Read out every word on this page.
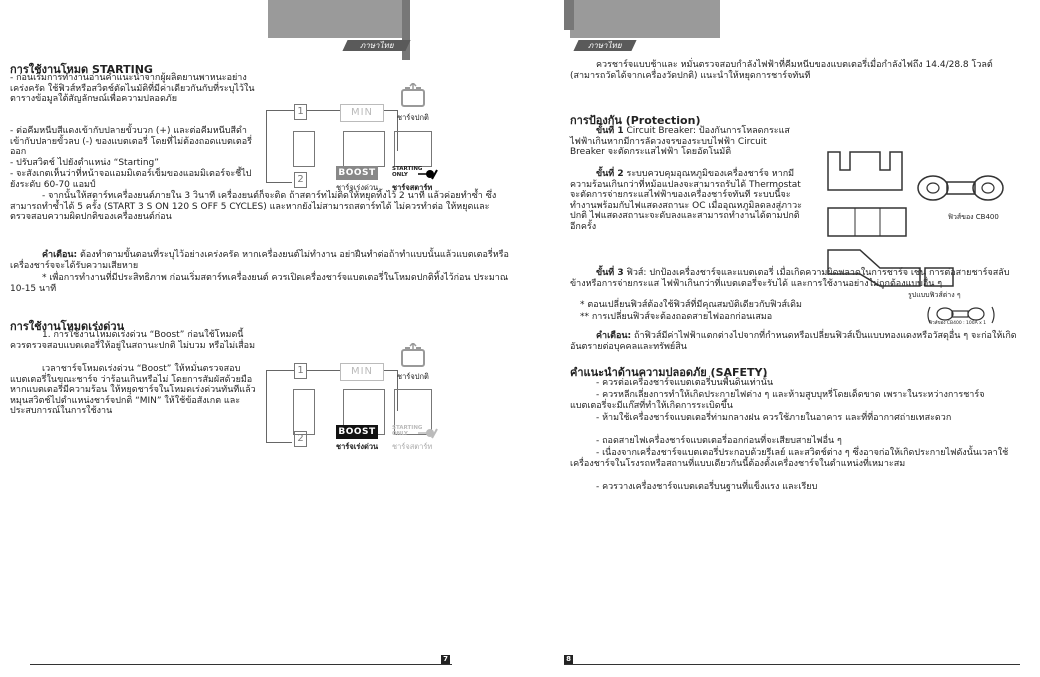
ภาษาไทย
การใช้งานโหมด STARTING

- ก่อนเริ่มการทำงานอ่านคำแนะนำจากผู้ผลิตยานพาหนะอย่างเคร่งครัด ใช้ฟิวส์หรือสวิตช์ตัดไนมัติที่มีค่าเดียวกันกับที่ระบุไว้ในตารางข้อมูลใต้สัญลักษณ์เพื่อความปลอดภัย

- ต่อคีมหนีบสีแดงเข้ากับปลายขั้วบวก (+) และต่อคีมหนีบสีดำเข้ากับปลายขั้วลบ (-) ของแบตเตอรี่ โดยที่ไม่ต้องถอดแบตเตอรี่ออก

- ปรับสวิตช์ ไปยังตำแหน่ง “Starting”

- จะสังเกตเห็นว่าที่หน้าจอแอมมิเตอร์เข็มของแอมมิเตอร์จะชี้ไปยังระดับ 60-70 แอมป์

- จากนั้นให้สตาร์ทเครื่องยนต์ภายใน 3 วินาที เครื่องยนต์ก็จะติด ถ้าสตาร์ทไม่ติดให้หยุดทิ้งไว้ 2 นาที แล้วค่อยทำซ้ำ ซึ่งสามารถทำซ้ำได้ 5 ครั้ง (START 3 S ON 120 S OFF 5 CYCLES) และหากยังไม่สามารถสตาร์ทได้ ไม่ควรทำต่อ ให้หยุดและตรวจสอบความผิดปกติของเครื่องยนต์ก่อน

คำเตือน: ต้องทำตามขั้นตอนที่ระบุไว้อย่างเคร่งครัด หากเครื่องยนต์ไม่ทำงาน อย่าฝืนทำต่อถ้าทำแบบนั้นแล้วแบตเตอรี่หรือเครื่องชาร์จจะได้รับความเสียหาย

* เพื่อการทำงานที่มีประสิทธิภาพ ก่อนเริ่มสตาร์ทเครื่องยนต์ ควรเปิดเครื่องชาร์จแบตเตอรี่ในโหมดปกติทิ้งไว้ก่อน ประมาณ 10-15 นาที

การใช้งานโหมดเร่งด่วน

1. การใช้งานโหมดเร่งด่วน “Boost” ก่อนใช้โหมดนี้ ควรตรวจสอบแบตเตอรี่ให้อยู่ในสถานะปกติ ไม่บวม หรือไม่เสื่อม

เวลาชาร์จโหมดเร่งด่วน “Boost” ให้หมั่นตรวจสอบแบตเตอรี่ในขณะชาร์จ ว่าร้อนเกินหรือไม่ โดยการสัมผัสด้วยมือ หากแบตเตอรี่มีความร้อน ให้หยุดชาร์จในโหมดเร่งด่วนทันทีแล้วหมุนสวิตช์ไปตำแหน่งชาร์จปกติ “MIN” ให้ใช้ข้อสังเกต และประสบการณ์ในการใช้งาน

1
2
MIN	ชาร์จปกติ
BOOST
ชาร์จเร่งด่วน
STARTING
ONLY
ชาร์จสตาร์ท
1
2
MIN	ชาร์จปกติ
BOOST
ชาร์จเร่งด่วน
STARTING
ONLY
ชาร์จสตาร์ท
7
ภาษาไทย

ควรชาร์จแบบช้าและ หมั่นตรวจสอบกำลังไฟฟ้าที่คีมหนีบของแบตเตอรี่เมื่อกำลังไฟถึง 14.4/28.8 โวลต์ (สามารถวัดได้จากเครื่องวัดปกติ) แนะนำให้หยุดการชาร์จทันที

การป้องกัน (Protection)

ขั้นที่ 1 Circuit Breaker: ป้องกันการโหลดกระแสไฟฟ้าเกินหากมีการลัดวงจรของระบบไฟฟ้า Circuit Breaker จะตัดกระแสไฟฟ้า โดยอัตโนมัติ

ขั้นที่ 2 ระบบควบคุมอุณหภูมิของเครื่องชาร์จ หากมีความร้อนเกินกว่าที่หม้อแปลงจะสามารถรับได้ Thermostat จะตัดการจ่ายกระแสไฟฟ้าของเครื่องชาร์จทันที ระบบนี้จะทำงานพร้อมกับไฟแสดงสถานะ OC เมื่ออุณหภูมิลดลงสู่ภาวะปกติ ไฟแสดงสถานะจะดับลงและสามารถทำงานได้ตามปกติอีกครั้ง

ขั้นที่ 3 ฟิวส์: ปกป้องเครื่องชาร์จและแบตเตอรี่ เมื่อเกิดความผิดพลาดในการชาร์จ เช่น การต่อสายชาร์จสลับข้างหรือการจ่ายกระแส ไฟฟ้าเกินกว่าที่แบตเตอรี่จะรับได้ และการใช้งานอย่างไม่ถูกต้องแบบอื่น ๆ

* ตอนเปลี่ยนฟิวส์ต้องใช้ฟิวส์ที่มีคุณสมบัติเดียวกับฟิวส์เดิม

** การเปลี่ยนฟิวส์จะต้องถอดสายไฟออกก่อนเสมอ

ฟิวส์ของ CB400
รูปแบบฟิวส์ต่าง ๆ
ฟิวส์ของ CB400 : 100A x 1

คำเตือน: ถ้าฟิวส์มีค่าไฟฟ้าแตกต่างไปจากที่กำหนดหรือเปลี่ยนฟิวส์เป็นแบบทองแดงหรือวัสดุอื่น ๆ จะก่อให้เกิดอันตรายต่อบุคคลและทรัพย์สิน

คำแนะนำด้านความปลอดภัย (SAFETY)

- ควรต่อเครื่องชาร์จแบตเตอรี่บนพื้นดินเท่านั้น

- ควรหลีกเลี่ยงการทำให้เกิดประกายไฟต่าง ๆ และห้ามสูบบุหรี่โดยเด็ดขาด เพราะในระหว่างการชาร์จแบตเตอรี่จะมีแก๊สที่ทำให้เกิดการระเบิดขึ้น

- ห้ามใช้เครื่องชาร์จแบตเตอรี่ท่ามกลางฝน ควรใช้ภายในอาคาร และที่ที่อากาศถ่ายเทสะดวก

- ถอดสายไฟเครื่องชาร์จแบตเตอรี่ออกก่อนที่จะเสียบสายไฟอื่น ๆ

- เนื่องจากเครื่องชาร์จแบตเตอรี่ประกอบด้วยรีเลย์ และสวิตช์ต่าง ๆ ซึ่งอาจก่อให้เกิดประกายไฟดังนั้นเวลาใช้เครื่องชาร์จในโรงรถหรือสถานที่แบบเดียวกันนี้ต้องตั้งเครื่องชาร์จในตำแหน่งที่เหมาะสม

- ควรวางเครื่องชาร์จแบตเตอรี่บนฐานที่แข็งแรง และเรียบ

8
